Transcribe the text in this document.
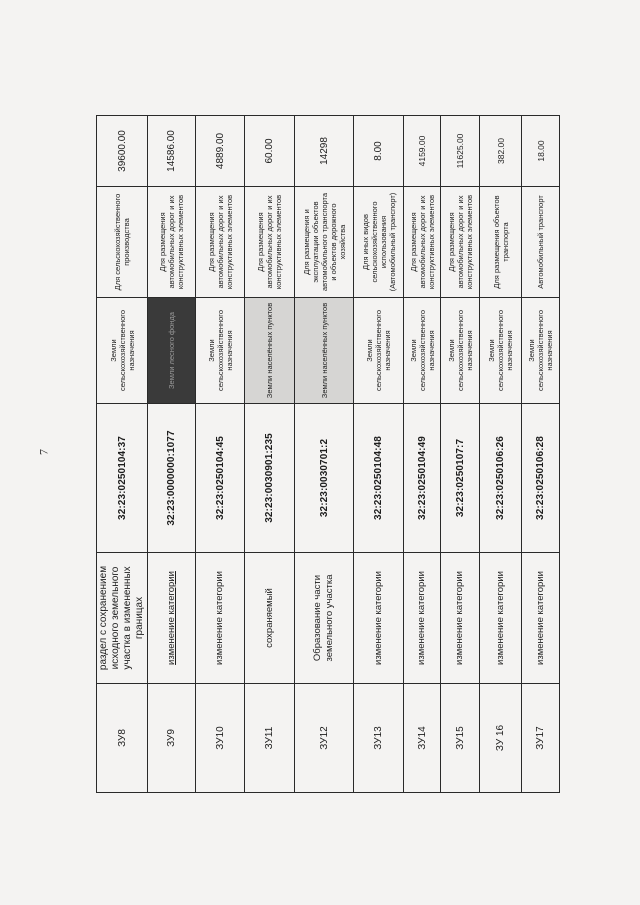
7
ЗУ8	раздел с сохранением исходного земельного участка в измененных границах	32:23:0250104:37	Земли сельскохозяйственного назначения	Для сельскохозяйственного производства	39600.00
ЗУ9	изменение категории	32:23:0000000:1077	Земли лесного фонда	Для размещения автомобильных дорог и их конструктивных элементов	14586.00
ЗУ10	изменение категории	32:23:0250104:45	Земли сельскохозяйственного назначения	Для размещения автомобильных дорог и их конструктивных элементов	4889.00
ЗУ11	сохраняемый	32:23:0030901:235	Земли населённых пунктов	Для размещения автомобильных дорог и их конструктивных элементов	60.00
ЗУ12	Образование части земельного участка	32:23:0030701:2	Земли населённых пунктов	Для размещения и эксплуатации объектов автомобильного транспорта и объектов дорожного хозяйства	14298
ЗУ13	изменение категории	32:23:0250104:48	Земли сельскохозяйственного назначения	Для иных видов сельскохозяйственного использования (Автомобильный транспорт)	8.00
ЗУ14	изменение категории	32:23:0250104:49	Земли сельскохозяйственного назначения	Для размещения автомобильных дорог и их конструктивных элементов	4159.00
ЗУ15	изменение категории	32:23:0250107:7	Земли сельскохозяйственного назначения	Для размещения автомобильных дорог и их конструктивных элементов	11625.00
ЗУ 16	изменение категории	32:23:0250106:26	Земли сельскохозяйственного назначения	Для размещения объектов транспорта	382.00
ЗУ17	изменение категории	32:23:0250106:28	Земли сельскохозяйственного назначения	Автомобильный транспорт	18.00
